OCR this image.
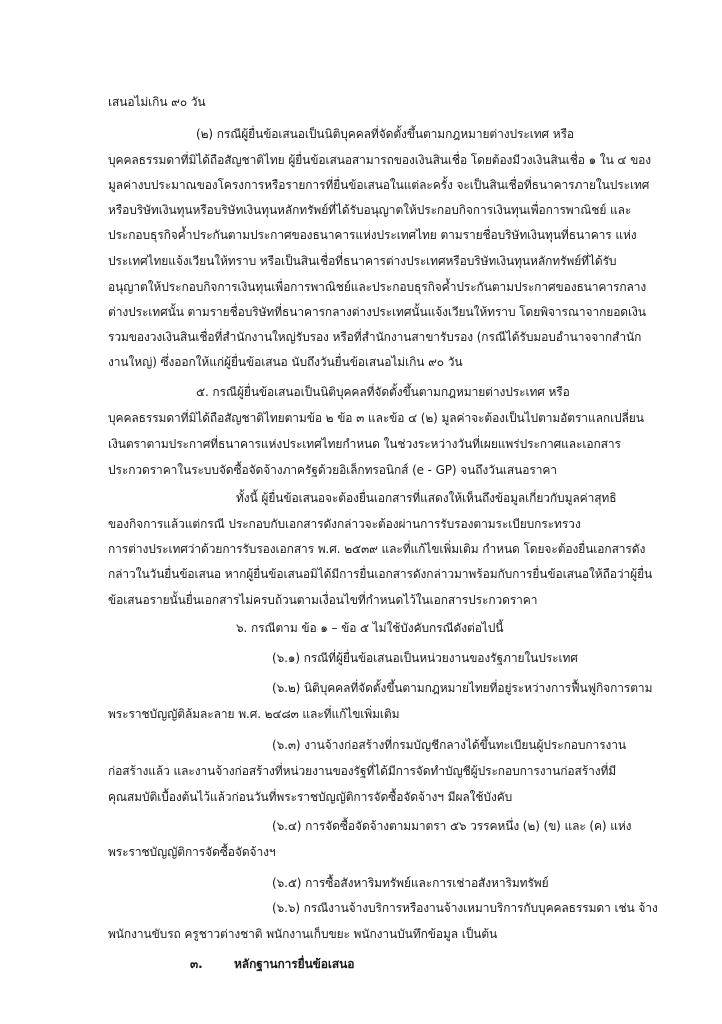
เสนอไม่เกิน ๙๐ วัน
(๒) กรณีผู้ยื่นข้อเสนอเป็นนิติบุคคลที่จัดตั้งขึ้นตามกฎหมายต่างประเทศ หรือ
บุคคลธรรมดาที่มิได้ถือสัญชาติไทย ผู้ยื่นข้อเสนอสามารถของเงินสินเชื่อ โดยต้องมีวงเงินสินเชื่อ ๑ ใน ๔ ของ
มูลค่างบประมาณของโครงการหรือรายการที่ยื่นข้อเสนอในแต่ละครั้ง จะเป็นสินเชื่อที่ธนาคารภายในประเทศ
หรือบริษัทเงินทุนหรือบริษัทเงินทุนหลักทรัพย์ที่ได้รับอนุญาตให้ประกอบกิจการเงินทุนเพื่อการพาณิชย์ และ
ประกอบธุรกิจค้ำประกันตามประกาศของธนาคารแห่งประเทศไทย ตามรายชื่อบริษัทเงินทุนที่ธนาคาร แห่ง
ประเทศไทยแจ้งเวียนให้ทราบ หรือเป็นสินเชื่อที่ธนาคารต่างประเทศหรือบริษัทเงินทุนหลักทรัพย์ที่ได้รับ
อนุญาตให้ประกอบกิจการเงินทุนเพื่อการพาณิชย์และประกอบธุรกิจค้ำประกันตามประกาศของธนาคารกลาง
ต่างประเทศนั้น ตามรายชื่อบริษัทที่ธนาคารกลางต่างประเทศนั้นแจ้งเวียนให้ทราบ โดยพิจารณาจากยอดเงิน
รวมของวงเงินสินเชื่อที่สำนักงานใหญ่รับรอง หรือที่สำนักงานสาขารับรอง (กรณีได้รับมอบอำนาจจากสำนัก
งานใหญ่) ซึ่งออกให้แก่ผู้ยื่นข้อเสนอ นับถึงวันยื่นข้อเสนอไม่เกิน ๙๐ วัน
๕. กรณีผู้ยื่นข้อเสนอเป็นนิติบุคคลที่จัดตั้งขึ้นตามกฎหมายต่างประเทศ หรือ
บุคคลธรรมดาที่มิได้ถือสัญชาติไทยตามข้อ ๒ ข้อ ๓ และข้อ ๔ (๒) มูลค่าจะต้องเป็นไปตามอัตราแลกเปลี่ยน
เงินตราตามประกาศที่ธนาคารแห่งประเทศไทยกำหนด ในช่วงระหว่างวันที่เผยแพร่ประกาศและเอกสาร
ประกวดราคาในระบบจัดซื้อจัดจ้างภาครัฐด้วยอิเล็กทรอนิกส์ (e - GP) จนถึงวันเสนอราคา
ทั้งนี้ ผู้ยื่นข้อเสนอจะต้องยื่นเอกสารที่แสดงให้เห็นถึงข้อมูลเกี่ยวกับมูลค่าสุทธิ
ของกิจการแล้วแต่กรณี ประกอบกับเอกสารดังกล่าวจะต้องผ่านการรับรองตามระเบียบกระทรวง
การต่างประเทศว่าด้วยการรับรองเอกสาร พ.ศ. ๒๕๓๙ และที่แก้ไขเพิ่มเติม กำหนด โดยจะต้องยื่นเอกสารดัง
กล่าวในวันยื่นข้อเสนอ หากผู้ยื่นข้อเสนอมิได้มีการยื่นเอกสารดังกล่าวมาพร้อมกับการยื่นข้อเสนอให้ถือว่าผู้ยื่น
ข้อเสนอรายนั้นยื่นเอกสารไม่ครบถ้วนตามเงื่อนไขที่กำหนดไว้ในเอกสารประกวดราคา
๖. กรณีตาม ข้อ ๑ – ข้อ ๕ ไม่ใช้บังคับกรณีดังต่อไปนี้
(๖.๑) กรณีที่ผู้ยื่นข้อเสนอเป็นหน่วยงานของรัฐภายในประเทศ
(๖.๒) นิติบุคคลที่จัดตั้งขึ้นตามกฎหมายไทยที่อยู่ระหว่างการฟื้นฟูกิจการตาม
พระราชบัญญัติล้มละลาย พ.ศ. ๒๔๘๓ และที่แก้ไขเพิ่มเติม
(๖.๓) งานจ้างก่อสร้างที่กรมบัญชีกลางได้ขึ้นทะเบียนผู้ประกอบการงาน
ก่อสร้างแล้ว และงานจ้างก่อสร้างที่หน่วยงานของรัฐที่ได้มีการจัดทำบัญชีผู้ประกอบการงานก่อสร้างที่มี
คุณสมบัติเบื้องต้นไว้แล้วก่อนวันที่พระราชบัญญัติการจัดซื้อจัดจ้างฯ มีผลใช้บังคับ
(๖.๔) การจัดซื้อจัดจ้างตามมาตรา ๕๖ วรรคหนึ่ง (๒) (ข) และ (ค) แห่ง
พระราชบัญญัติการจัดซื้อจัดจ้างฯ
(๖.๕) การซื้อสังหาริมทรัพย์และการเช่าอสังหาริมทรัพย์
(๖.๖) กรณีงานจ้างบริการหรืองานจ้างเหมาบริการกับบุคคลธรรมดา เช่น จ้าง
พนักงานขับรถ ครูชาวต่างชาติ พนักงานเก็บขยะ พนักงานบันทึกข้อมูล เป็นต้น
๓.	หลักฐานการยื่นข้อเสนอ
